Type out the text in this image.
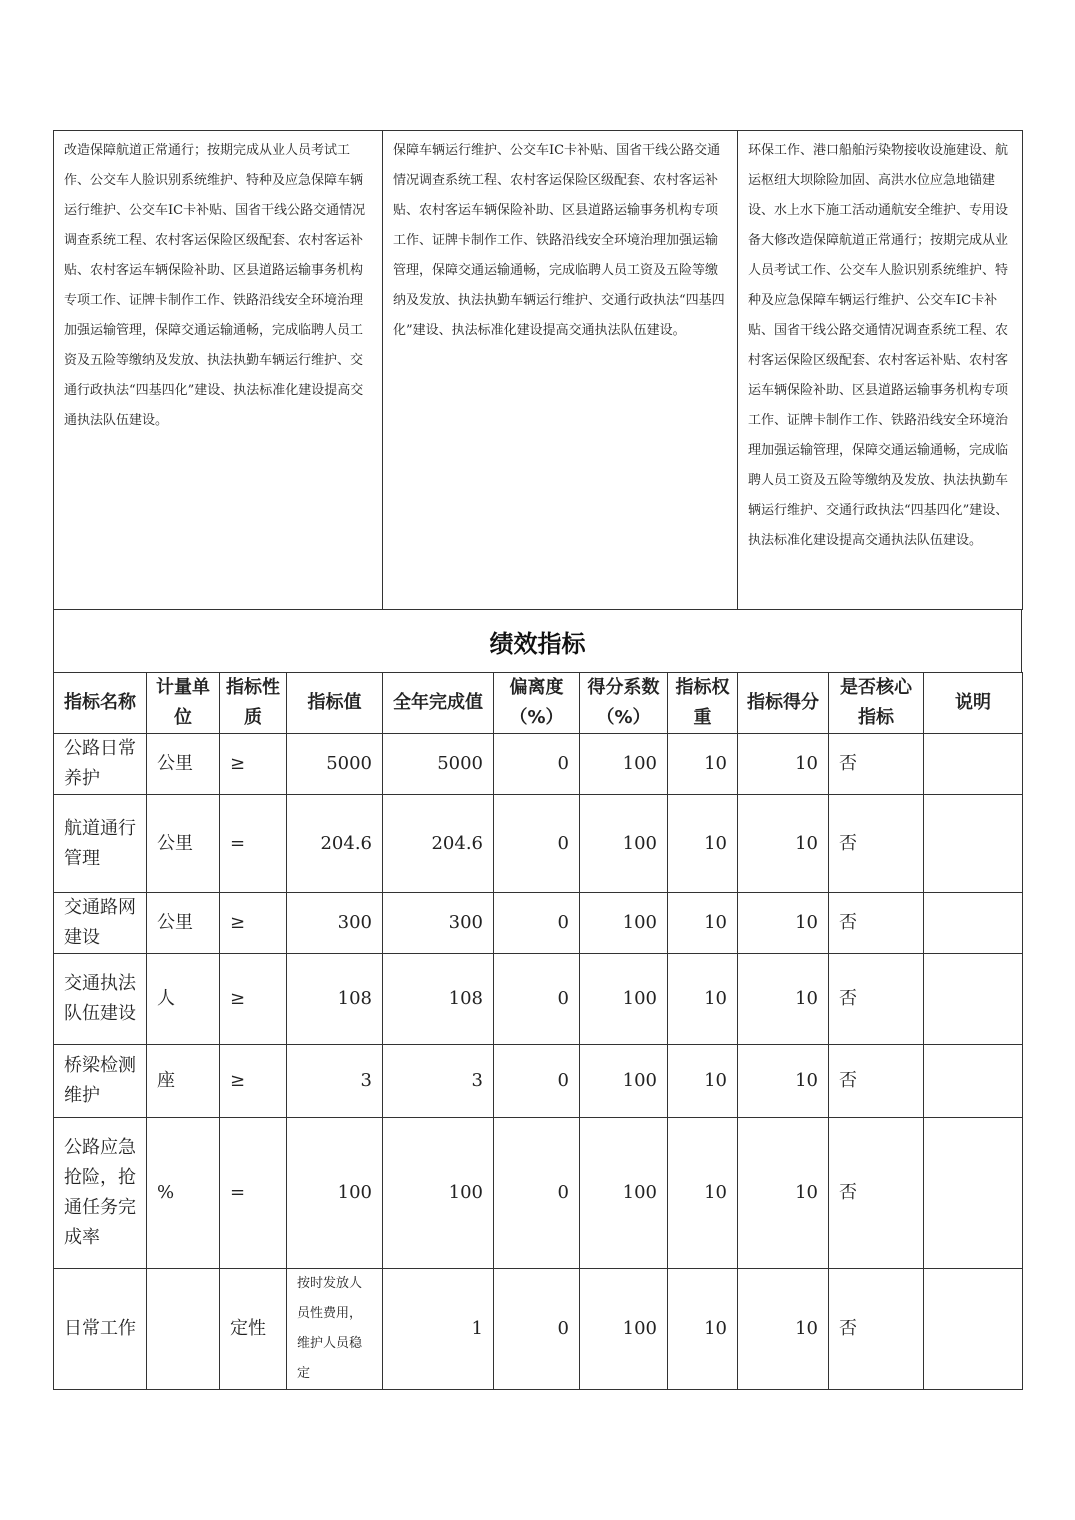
改造保障航道正常通行；按期完成从业人员考试工作、公交车人脸识别系统维护、特种及应急保障车辆运行维护、公交车IC卡补贴、国省干线公路交通情况调查系统工程、农村客运保险区级配套、农村客运补贴、农村客运车辆保险补助、区县道路运输事务机构专项工作、证牌卡制作工作、铁路沿线安全环境治理加强运输管理，保障交通运输通畅，完成临聘人员工资及五险等缴纳及发放、执法执勤车辆运行维护、交通行政执法“四基四化”建设、执法标准化建设提高交通执法队伍建设。	保障车辆运行维护、公交车IC卡补贴、国省干线公路交通情况调查系统工程、农村客运保险区级配套、农村客运补贴、农村客运车辆保险补助、区县道路运输事务机构专项工作、证牌卡制作工作、铁路沿线安全环境治理加强运输管理，保障交通运输通畅，完成临聘人员工资及五险等缴纳及发放、执法执勤车辆运行维护、交通行政执法“四基四化”建设、执法标准化建设提高交通执法队伍建设。	环保工作、港口船舶污染物接收设施建设、航运枢纽大坝除险加固、高洪水位应急地锚建设、水上水下施工活动通航安全维护、专用设备大修改造保障航道正常通行；按期完成从业人员考试工作、公交车人脸识别系统维护、特种及应急保障车辆运行维护、公交车IC卡补贴、国省干线公路交通情况调查系统工程、农村客运保险区级配套、农村客运补贴、农村客运车辆保险补助、区县道路运输事务机构专项工作、证牌卡制作工作、铁路沿线安全环境治理加强运输管理，保障交通运输通畅，完成临聘人员工资及五险等缴纳及发放、执法执勤车辆运行维护、交通行政执法“四基四化”建设、执法标准化建设提高交通执法队伍建设。
绩效指标
指标名称	计量单位	指标性质	指标值	全年完成值	偏离度（%）	得分系数（%）	指标权重	指标得分	是否核心指标	说明
公路日常养护	公里	≥	5000	5000	0	100	10	10	否	
航道通行管理	公里	=	204.6	204.6	0	100	10	10	否	
交通路网建设	公里	≥	300	300	0	100	10	10	否	
交通执法队伍建设	人	≥	108	108	0	100	10	10	否	
桥梁检测维护	座	≥	3	3	0	100	10	10	否	
公路应急抢险，抢通任务完成率	%	=	100	100	0	100	10	10	否	
日常工作		定性	按时发放人员性费用，维护人员稳定	1	0	100	10	10	否	
